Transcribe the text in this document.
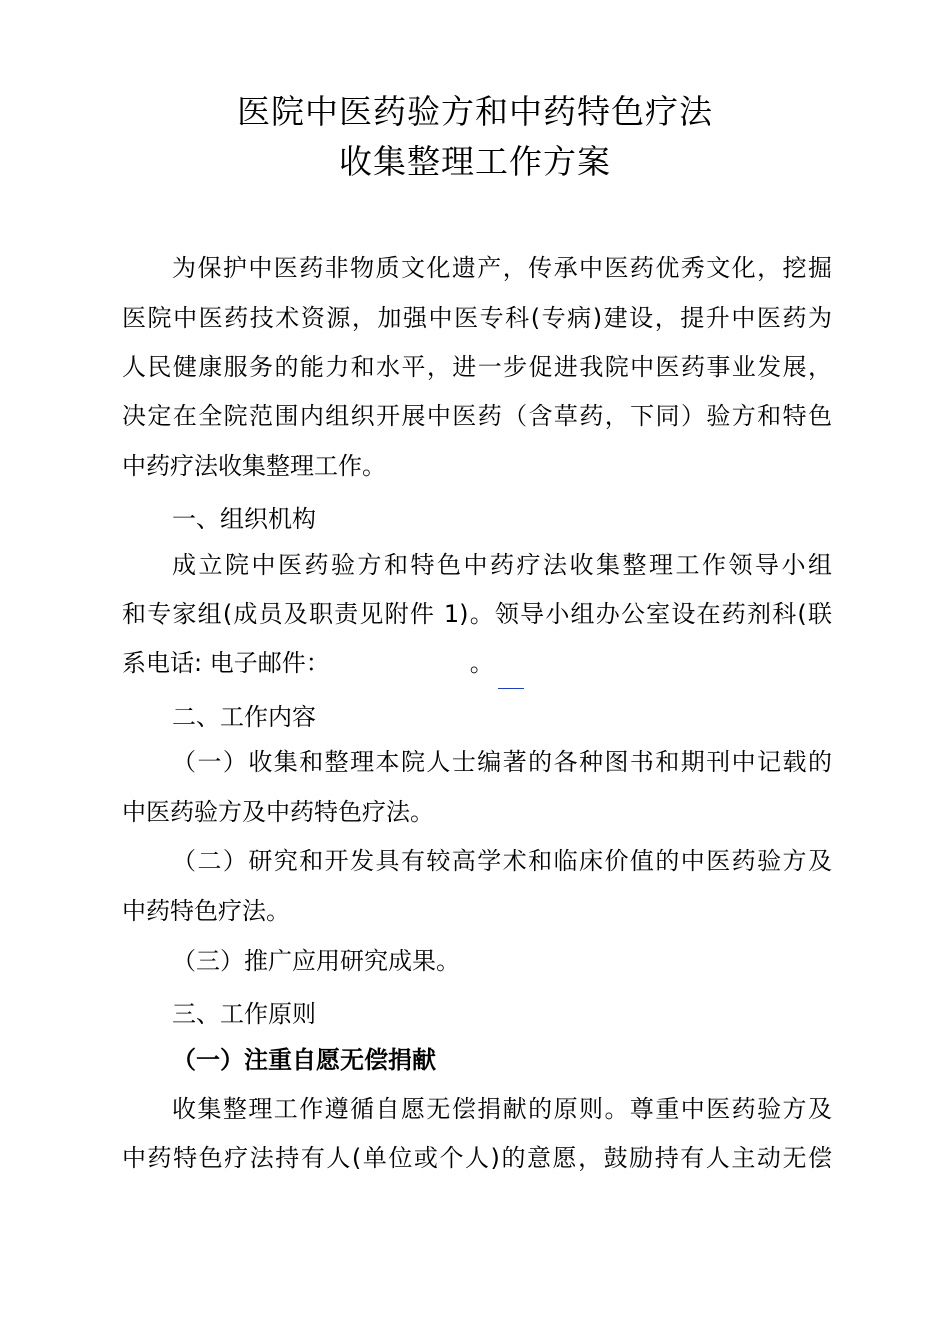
医院中医药验方和中药特色疗法
收集整理工作方案
为保护中医药非物质文化遗产，传承中医药优秀文化，挖掘
医院中医药技术资源，加强中医专科(专病)建设，提升中医药为
人民健康服务的能力和水平，进一步促进我院中医药事业发展，
决定在全院范围内组织开展中医药（含草药，下同）验方和特色
中药疗法收集整理工作。
一、组织机构
成立院中医药验方和特色中药疗法收集整理工作领导小组
和专家组(成员及职责见附件 1)。领导小组办公室设在药剂科(联
系电话: 电子邮件：	。
二、工作内容
（一）收集和整理本院人士编著的各种图书和期刊中记载的
中医药验方及中药特色疗法。
（二）研究和开发具有较高学术和临床价值的中医药验方及
中药特色疗法。
（三）推广应用研究成果。
三、工作原则
（一）注重自愿无偿捐献
收集整理工作遵循自愿无偿捐献的原则。尊重中医药验方及
中药特色疗法持有人(单位或个人)的意愿，鼓励持有人主动无偿
